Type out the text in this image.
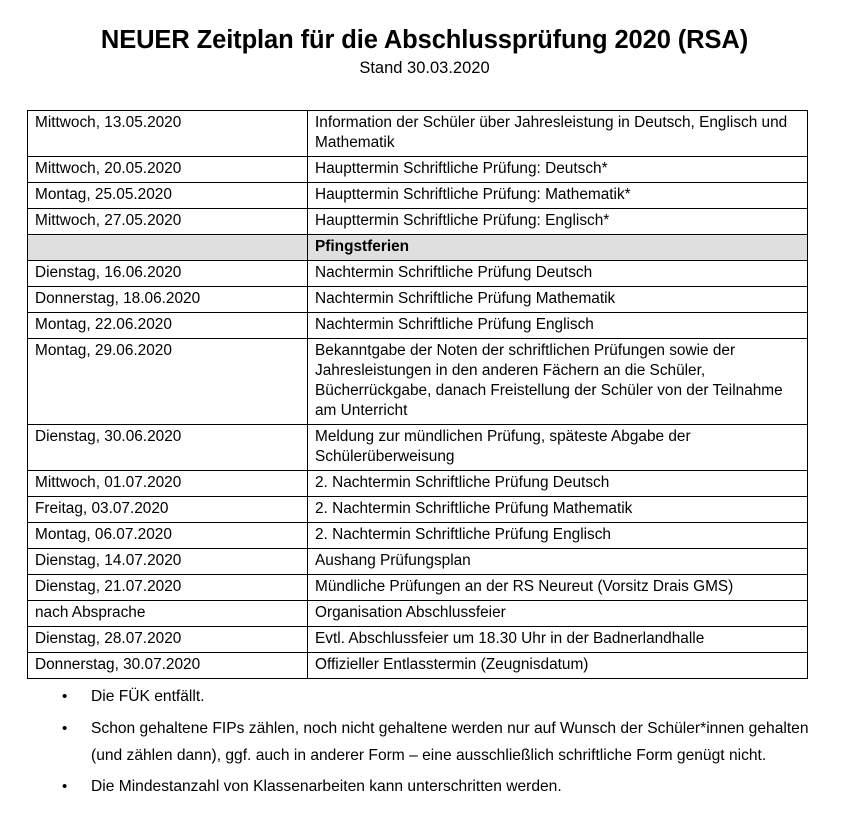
NEUER Zeitplan für die Abschlussprüfung 2020 (RSA)
Stand 30.03.2020
Mittwoch, 13.05.2020	Information der Schüler über Jahresleistung in Deutsch, Englisch und Mathematik
Mittwoch, 20.05.2020	Haupttermin Schriftliche Prüfung: Deutsch*
Montag, 25.05.2020	Haupttermin Schriftliche Prüfung: Mathematik*
Mittwoch, 27.05.2020	Haupttermin Schriftliche Prüfung: Englisch*
	Pfingstferien
Dienstag, 16.06.2020	Nachtermin Schriftliche Prüfung Deutsch
Donnerstag, 18.06.2020	Nachtermin Schriftliche Prüfung Mathematik
Montag, 22.06.2020	Nachtermin Schriftliche Prüfung Englisch
Montag, 29.06.2020	Bekanntgabe der Noten der schriftlichen Prüfungen sowie der Jahresleistungen in den anderen Fächern an die Schüler, Bücherrückgabe, danach Freistellung der Schüler von der Teilnahme am Unterricht
Dienstag, 30.06.2020	Meldung zur mündlichen Prüfung, späteste Abgabe der Schülerüberweisung
Mittwoch, 01.07.2020	2. Nachtermin Schriftliche Prüfung Deutsch
Freitag, 03.07.2020	2. Nachtermin Schriftliche Prüfung Mathematik
Montag, 06.07.2020	2. Nachtermin Schriftliche Prüfung Englisch
Dienstag, 14.07.2020	Aushang Prüfungsplan
Dienstag, 21.07.2020	Mündliche Prüfungen an der RS Neureut (Vorsitz Drais GMS)
nach Absprache	Organisation Abschlussfeier
Dienstag, 28.07.2020	Evtl. Abschlussfeier um 18.30 Uhr in der Badnerlandhalle
Donnerstag, 30.07.2020	Offizieller Entlasstermin (Zeugnisdatum)
• Die FÜK entfällt.
• Schon gehaltene FIPs zählen, noch nicht gehaltene werden nur auf Wunsch der Schüler*innen gehalten (und zählen dann), ggf. auch in anderer Form – eine ausschließlich schriftliche Form genügt nicht.
• Die Mindestanzahl von Klassenarbeiten kann unterschritten werden.
